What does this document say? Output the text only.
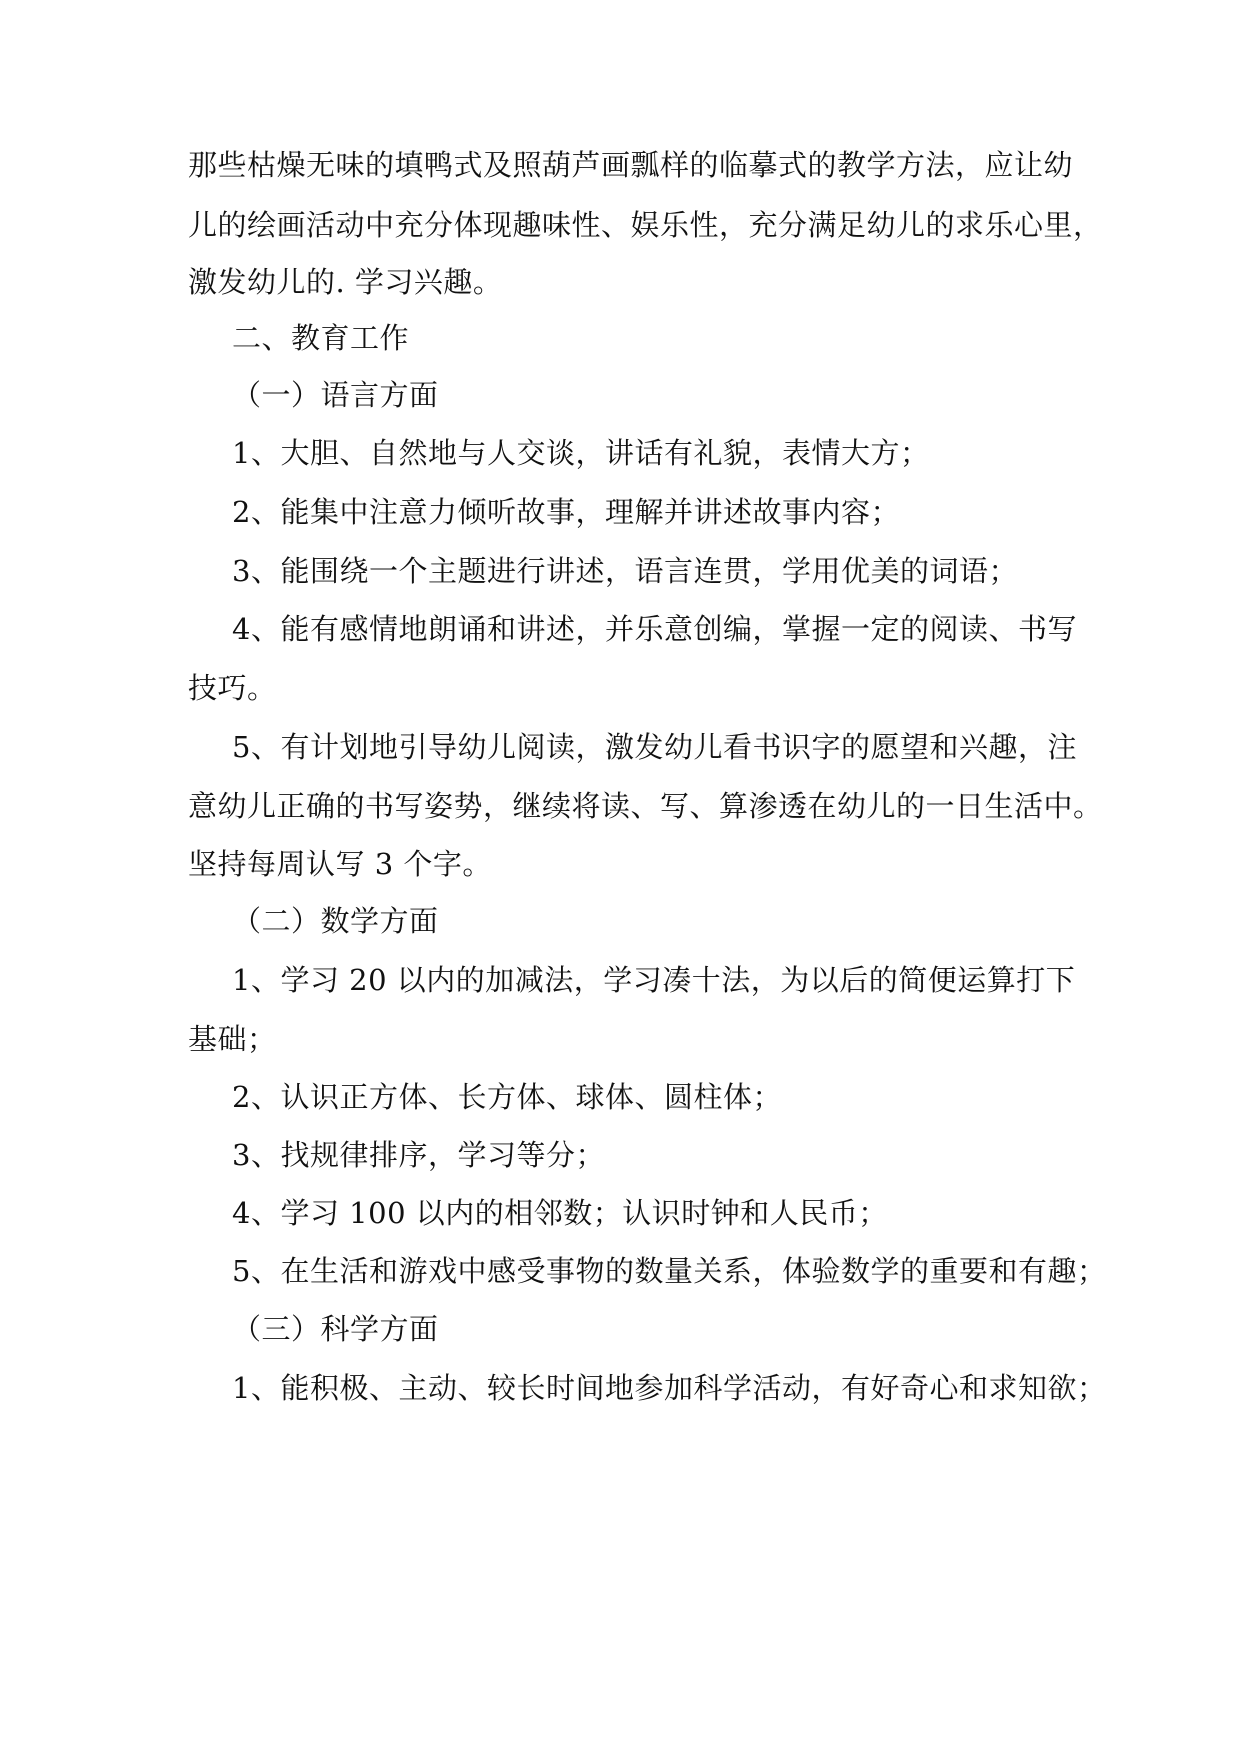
那些枯燥无味的填鸭式及照葫芦画瓢样的临摹式的教学方法，应让幼
儿的绘画活动中充分体现趣味性、娱乐性，充分满足幼儿的求乐心里，
激发幼儿的. 学习兴趣。
二、教育工作
（一）语言方面
1、大胆、自然地与人交谈，讲话有礼貌，表情大方；
2、能集中注意力倾听故事，理解并讲述故事内容；
3、能围绕一个主题进行讲述，语言连贯，学用优美的词语；
4、能有感情地朗诵和讲述，并乐意创编，掌握一定的阅读、书写
技巧。
5、有计划地引导幼儿阅读，激发幼儿看书识字的愿望和兴趣，注
意幼儿正确的书写姿势，继续将读、写、算渗透在幼儿的一日生活中。
坚持每周认写 3 个字。
（二）数学方面
1、学习 20 以内的加减法，学习凑十法，为以后的简便运算打下
基础；
2、认识正方体、长方体、球体、圆柱体；
3、找规律排序，学习等分；
4、学习 100 以内的相邻数；认识时钟和人民币；
5、在生活和游戏中感受事物的数量关系，体验数学的重要和有趣；
（三）科学方面
1、能积极、主动、较长时间地参加科学活动，有好奇心和求知欲；
